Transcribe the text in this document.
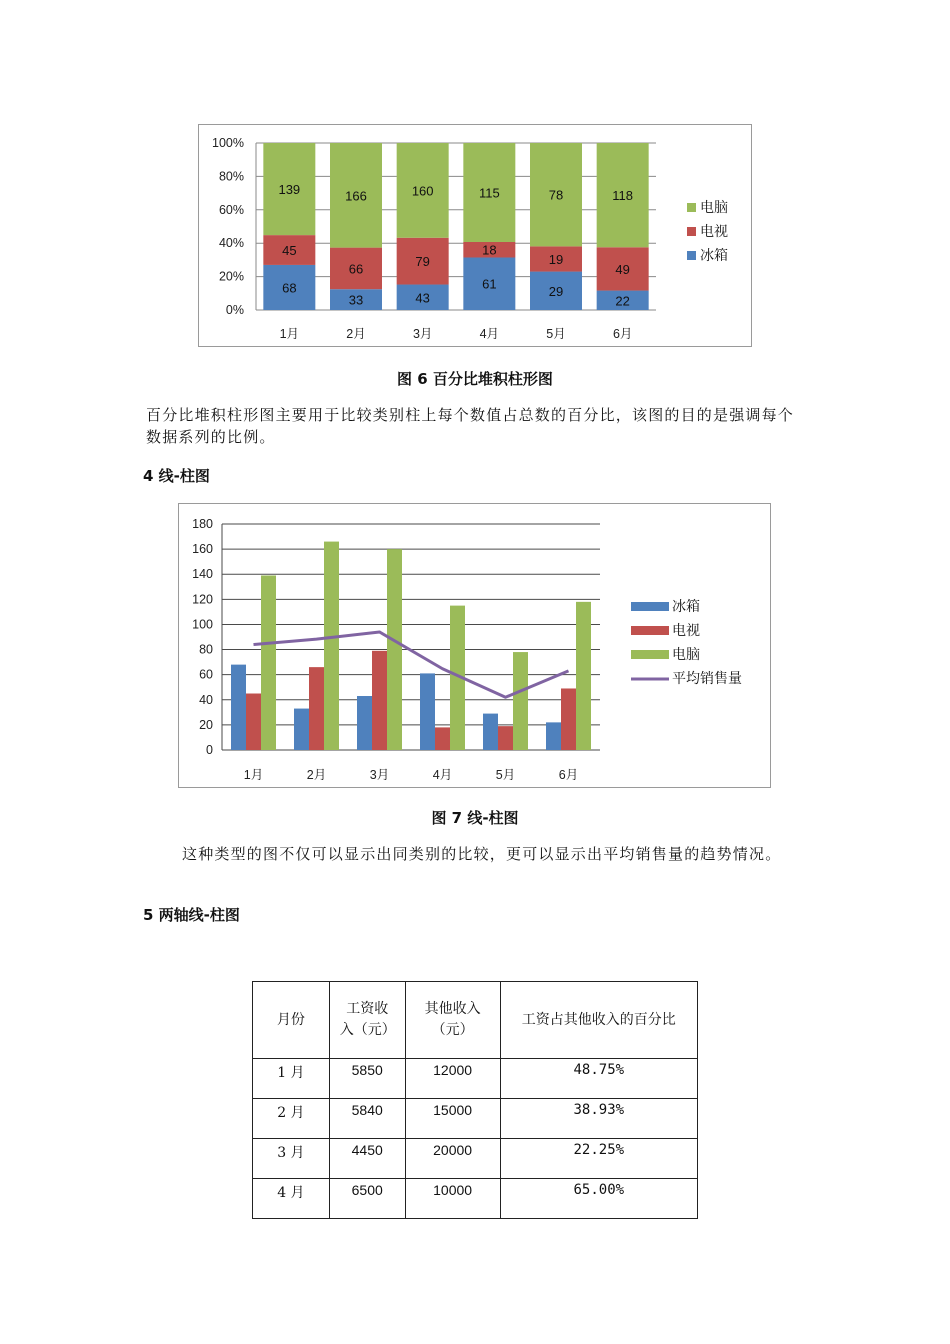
0%
20%
40%
60%
80%
100%
68
45
139
1月
33
66
166
2月
43
79
160
3月
61
18
115
4月
29
19
78
5月
22
49
118
6月
电脑
电视
冰箱
图 6 百分比堆积柱形图

百分比堆积柱形图主要用于比较类别柱上每个数值占总数的百分比，该图的目的是强调每个数据系列的比例。

4 线-柱图
0
20
40
60
80
100
120
140
160
180
1月	2月	3月	4月	5月	6月
冰箱
电视
电脑
平均销售量
图 7 线-柱图

这种类型的图不仅可以显示出同类别的比较，更可以显示出平均销售量的趋势情况。

5 两轴线-柱图
月份	工资收入（元）	其他收入（元）	工资占其他收入的百分比
1 月	5850	12000	48.75%
2 月	5840	15000	38.93%
3 月	4450	20000	22.25%
4 月	6500	10000	65.00%
